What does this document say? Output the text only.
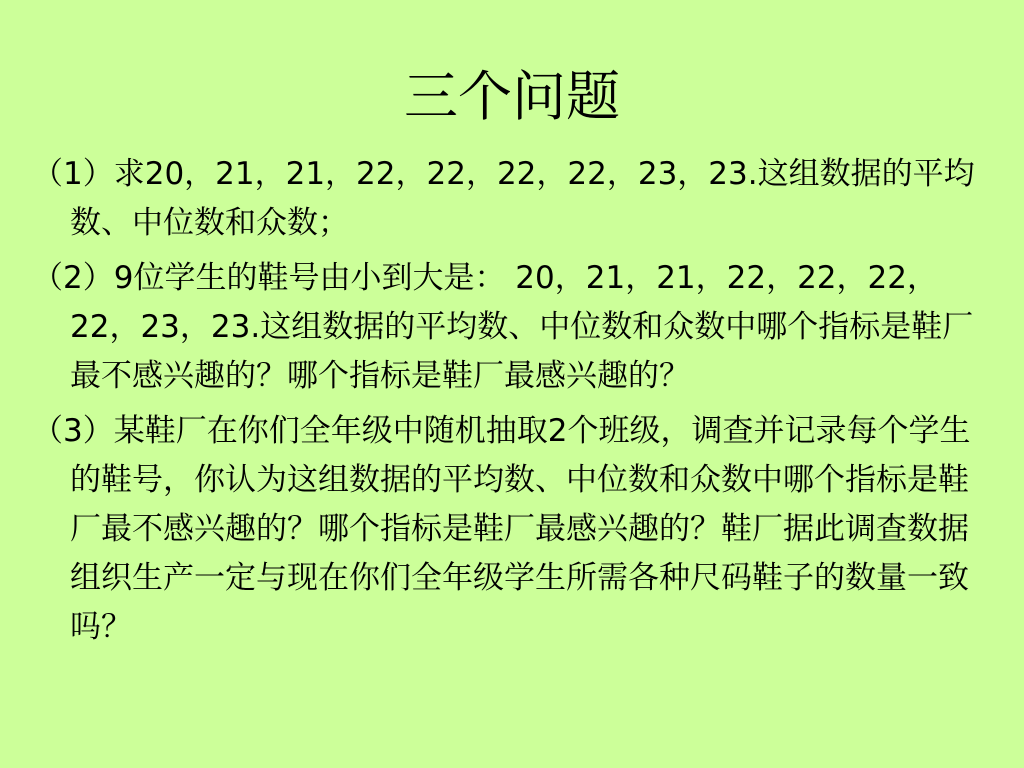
三个问题

（1）求20，21，21，22，22，22，22，23，23.这组数据的平均数、中位数和众数；

（2）9位学生的鞋号由小到大是： 20，21，21，22，22，22，22，23，23.这组数据的平均数、中位数和众数中哪个指标是鞋厂最不感兴趣的？哪个指标是鞋厂最感兴趣的？

（3）某鞋厂在你们全年级中随机抽取2个班级，调查并记录每个学生的鞋号，你认为这组数据的平均数、中位数和众数中哪个指标是鞋厂最不感兴趣的？哪个指标是鞋厂最感兴趣的？鞋厂据此调查数据组织生产一定与现在你们全年级学生所需各种尺码鞋子的数量一致吗？
